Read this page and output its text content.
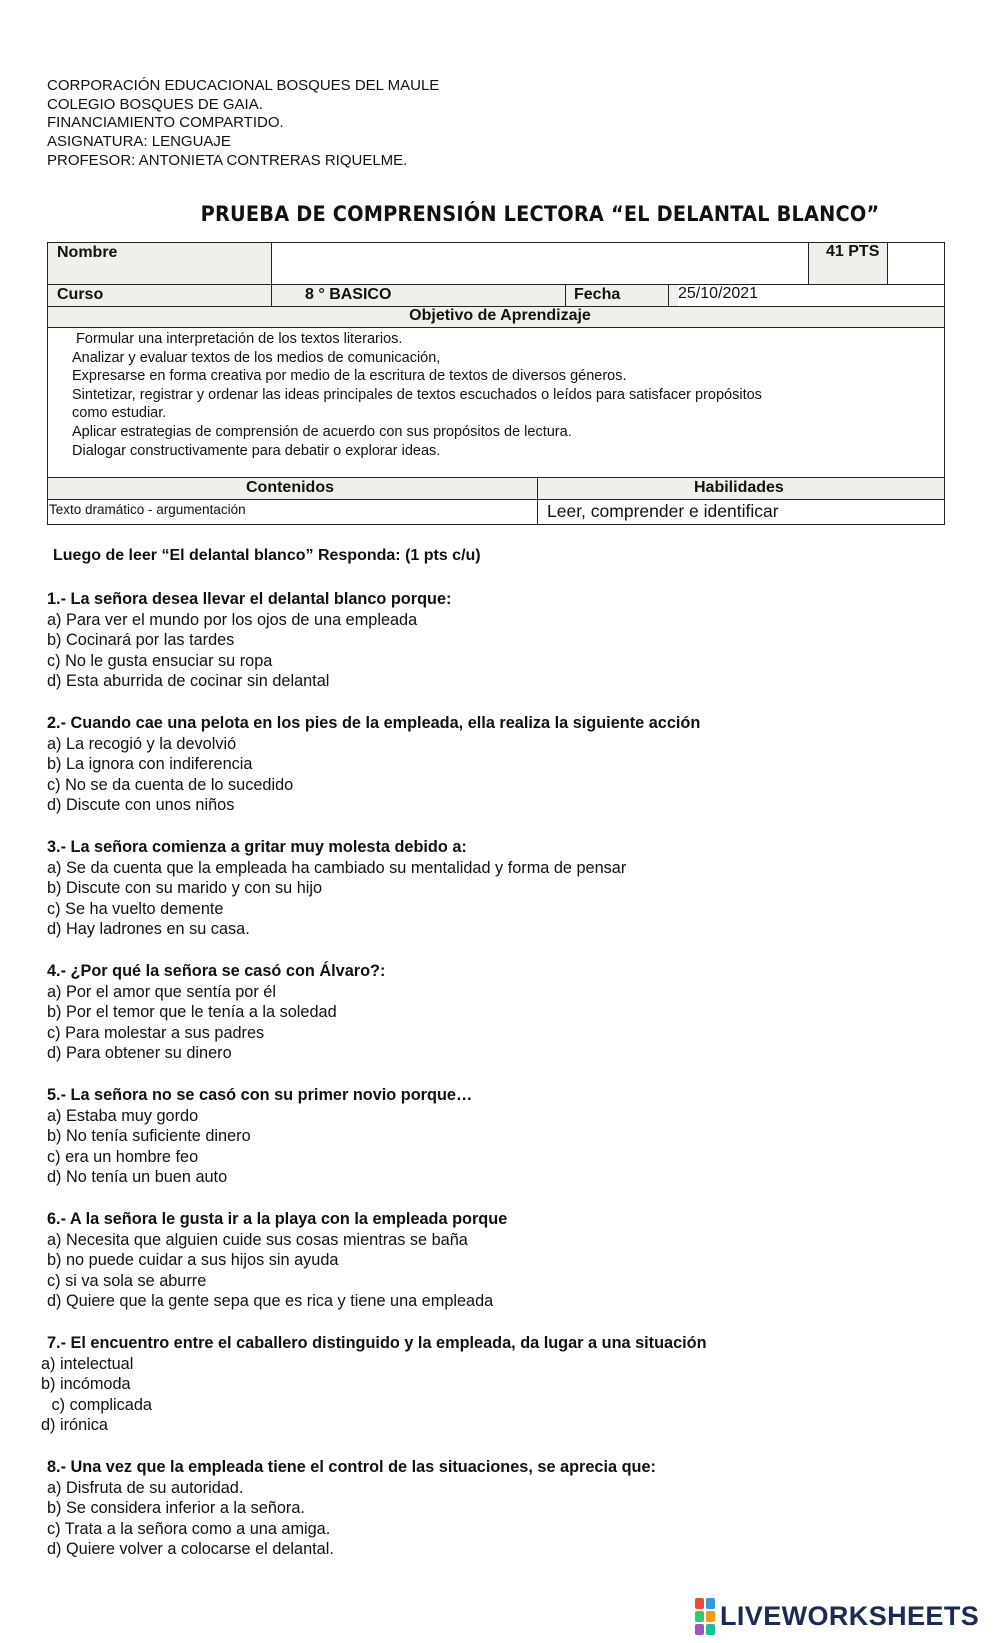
CORPORACIÓN EDUCACIONAL BOSQUES DEL MAULE
COLEGIO BOSQUES DE GAIA.
FINANCIAMIENTO COMPARTIDO.
ASIGNATURA: LENGUAJE
PROFESOR: ANTONIETA CONTRERAS RIQUELME.
PRUEBA DE COMPRENSIÓN LECTORA “EL DELANTAL BLANCO”
Nombre	41 PTS
Curso	8 ° BASICO	Fecha	25/10/2021
Objetivo de Aprendizaje
Formular una interpretación de los textos literarios.
Analizar y evaluar textos de los medios de comunicación,
Expresarse en forma creativa por medio de la escritura de textos de diversos géneros.
Sintetizar, registrar y ordenar las ideas principales de textos escuchados o leídos para satisfacer propósitos
como estudiar.
Aplicar estrategias de comprensión de acuerdo con sus propósitos de lectura.
Dialogar constructivamente para debatir o explorar ideas.
Contenidos	Habilidades
Texto dramático - argumentación	Leer, comprender e identificar
Luego de leer “El delantal blanco” Responda: (1 pts c/u)
1.- La señora desea llevar el delantal blanco porque:
a) Para ver el mundo por los ojos de una empleada
b) Cocinará por las tardes
c) No le gusta ensuciar su ropa
d) Esta aburrida de cocinar sin delantal
2.- Cuando cae una pelota en los pies de la empleada, ella realiza la siguiente acción
a) La recogió y la devolvió
b) La ignora con indiferencia
c) No se da cuenta de lo sucedido
d) Discute con unos niños
3.- La señora comienza a gritar muy molesta debido a:
a) Se da cuenta que la empleada ha cambiado su mentalidad y forma de pensar
b) Discute con su marido y con su hijo
c) Se ha vuelto demente
d) Hay ladrones en su casa.
4.- ¿Por qué la señora se casó con Álvaro?:
a) Por el amor que sentía por él
b) Por el temor que le tenía a la soledad
c) Para molestar a sus padres
d) Para obtener su dinero
5.- La señora no se casó con su primer novio porque…
a) Estaba muy gordo
b) No tenía suficiente dinero
c) era un hombre feo
d) No tenía un buen auto
6.- A la señora le gusta ir a la playa con la empleada porque
a) Necesita que alguien cuide sus cosas mientras se baña
b) no puede cuidar a sus hijos sin ayuda
c) si va sola se aburre
d) Quiere que la gente sepa que es rica y tiene una empleada
7.- El encuentro entre el caballero distinguido y la empleada, da lugar a una situación
a) intelectual
b) incómoda
c) complicada
d) irónica
8.- Una vez que la empleada tiene el control de las situaciones, se aprecia que:
a) Disfruta de su autoridad.
b) Se considera inferior a la señora.
c) Trata a la señora como a una amiga.
d) Quiere volver a colocarse el delantal.
LIVEWORKSHEETS
